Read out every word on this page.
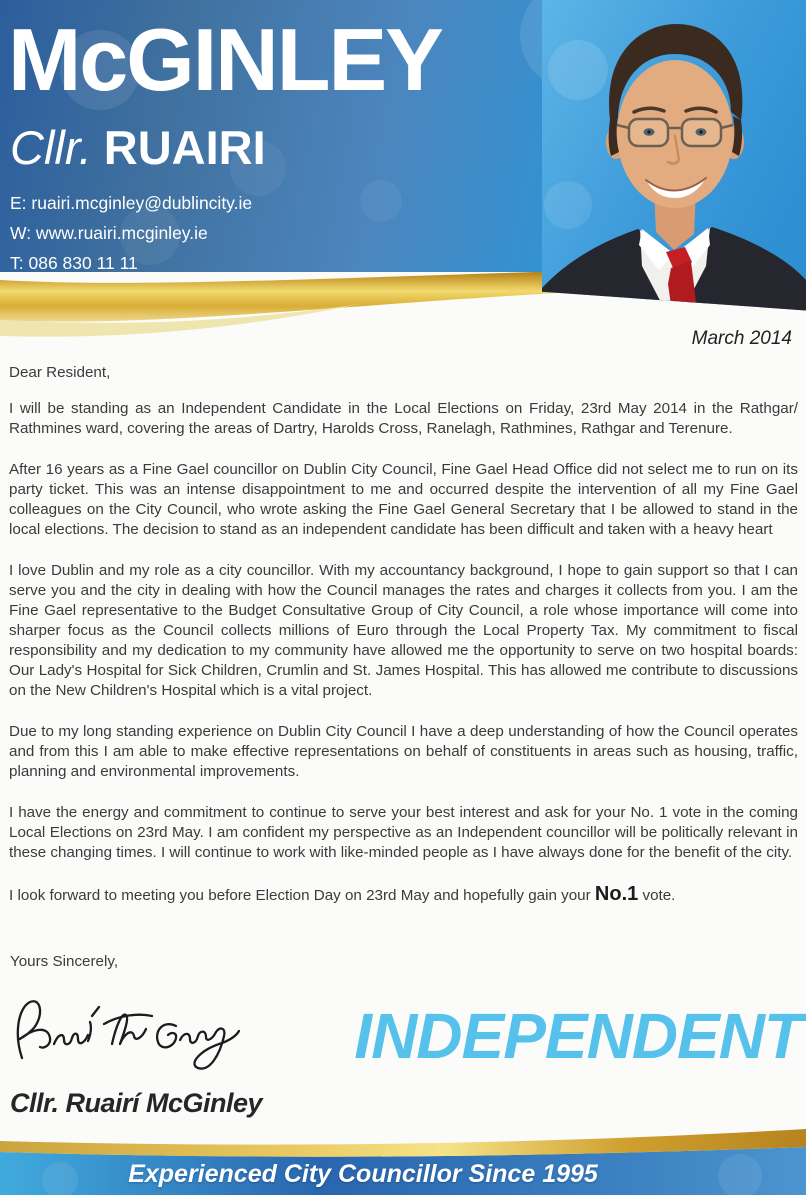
McGINLEY
Cllr. RUAIRI
E: ruairi.mcginley@dublincity.ie
W: www.ruairi.mcginley.ie
T: 086 830 11 11
March 2014
Dear Resident,

I will be standing as an Independent Candidate in the Local Elections on Friday, 23rd May 2014 in the Rathgar/ Rathmines ward, covering the areas of Dartry, Harolds Cross, Ranelagh, Rathmines, Rathgar and Terenure.

After 16 years as a Fine Gael councillor on Dublin City Council, Fine Gael Head Office did not select me to run on its party ticket. This was an intense disappointment to me and occurred despite the intervention of all my Fine Gael colleagues on the City Council, who wrote asking the Fine Gael General Secretary that I be allowed to stand in the local elections. The decision to stand as an independent candidate has been difficult and taken with a heavy heart

I love Dublin and my role as a city councillor. With my accountancy background, I hope to gain support so that I can serve you and the city in dealing with how the Council manages the rates and charges it collects from you. I am the Fine Gael representative to the Budget Consultative Group of City Council, a role whose importance will come into sharper focus as the Council collects millions of Euro through the Local Property Tax. My commitment to fiscal responsibility and my dedication to my community have allowed me the opportunity to serve on two hospital boards: Our Lady's Hospital for Sick Children, Crumlin and St. James Hospital. This has allowed me contribute to discussions on the New Children's Hospital which is a vital project.

Due to my long standing experience on Dublin City Council I have a deep understanding of how the Council operates and from this I am able to make effective representations on behalf of constituents in areas such as housing, traffic, planning and environmental improvements.

I have the energy and commitment to continue to serve your best interest and ask for your No. 1 vote in the coming Local Elections on 23rd May. I am confident my perspective as an Independent councillor will be politically relevant in these changing times. I will continue to work with like-minded people as I have always done for the benefit of the city.

I look forward to meeting you before Election Day on 23rd May and hopefully gain your No.1 vote.
Yours Sincerely,
Cllr. Ruairí McGinley
INDEPENDENT
Experienced City Councillor Since 1995
